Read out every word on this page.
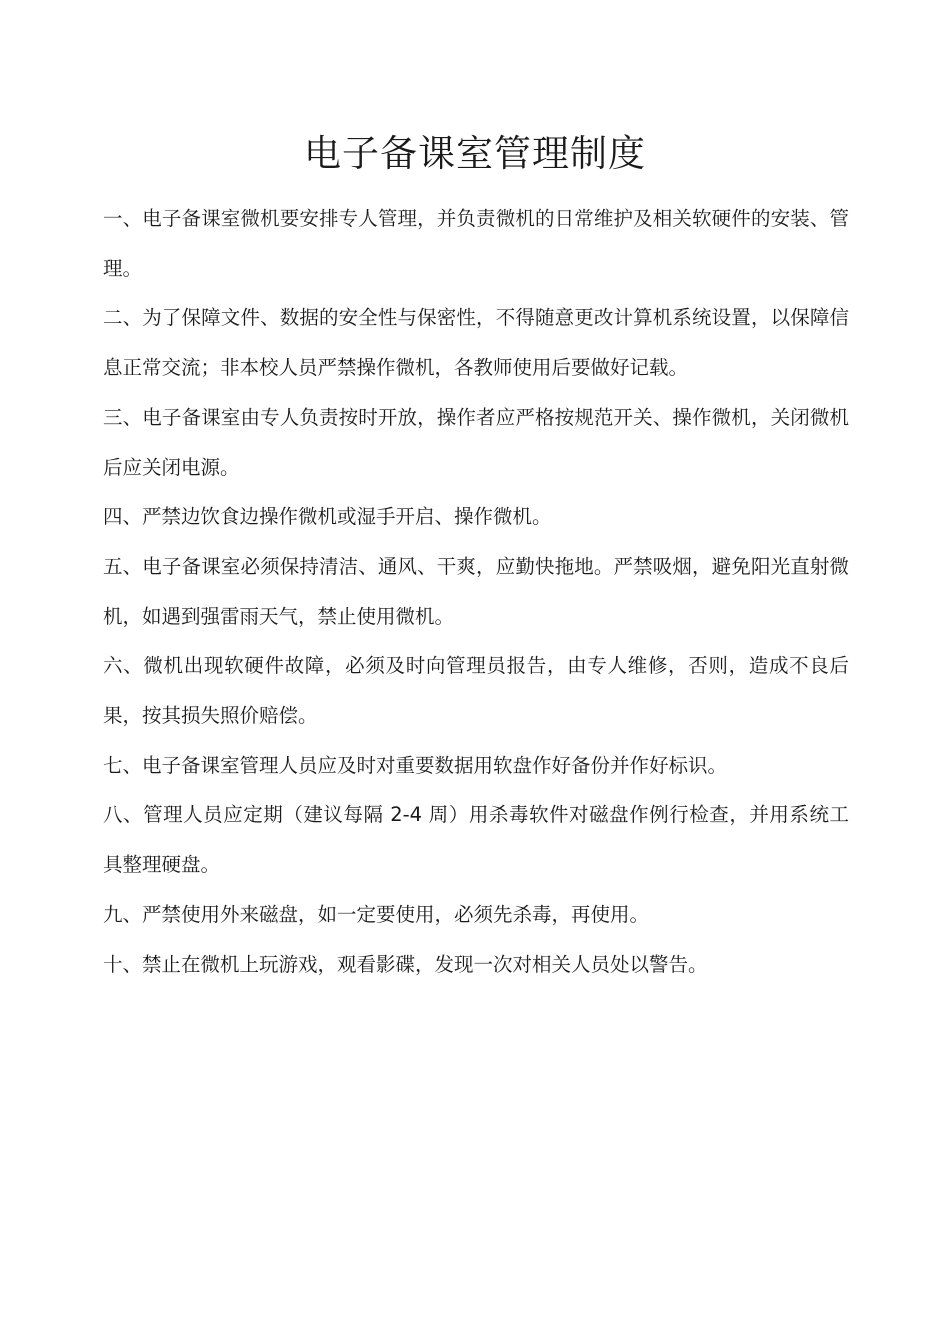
电子备课室管理制度
一、电子备课室微机要安排专人管理，并负责微机的日常维护及相关软硬件的安装、管理。
二、为了保障文件、数据的安全性与保密性，不得随意更改计算机系统设置，以保障信息正常交流；非本校人员严禁操作微机，各教师使用后要做好记载。
三、电子备课室由专人负责按时开放，操作者应严格按规范开关、操作微机，关闭微机后应关闭电源。
四、严禁边饮食边操作微机或湿手开启、操作微机。
五、电子备课室必须保持清洁、通风、干爽，应勤快拖地。严禁吸烟，避免阳光直射微机，如遇到强雷雨天气，禁止使用微机。
六、微机出现软硬件故障，必须及时向管理员报告，由专人维修，否则，造成不良后果，按其损失照价赔偿。
七、电子备课室管理人员应及时对重要数据用软盘作好备份并作好标识。
八、管理人员应定期（建议每隔 2-4 周）用杀毒软件对磁盘作例行检查，并用系统工具整理硬盘。
九、严禁使用外来磁盘，如一定要使用，必须先杀毒，再使用。
十、禁止在微机上玩游戏，观看影碟，发现一次对相关人员处以警告。
